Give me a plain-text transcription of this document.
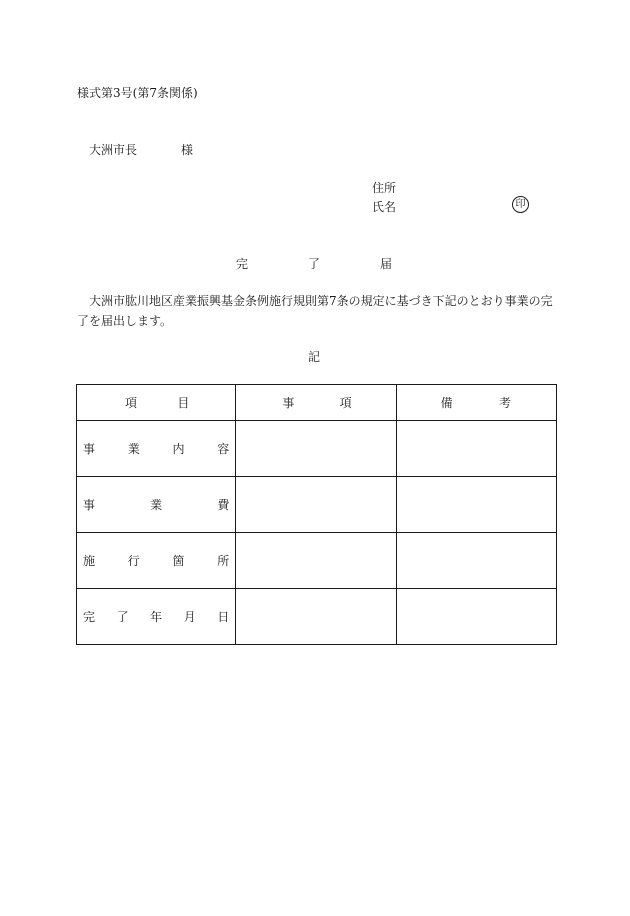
様式第3号(第7条関係)
大洲市長	様
住所
氏名	印
完	了	届
大洲市肱川地区産業振興基金条例施行規則第7条の規定に基づき下記のとおり事業の完了を届出します。
記
項 目	事 項	備 考

事 業 内 容		

事 業 費		

施 行 箇 所		

完 了 年 月 日		
